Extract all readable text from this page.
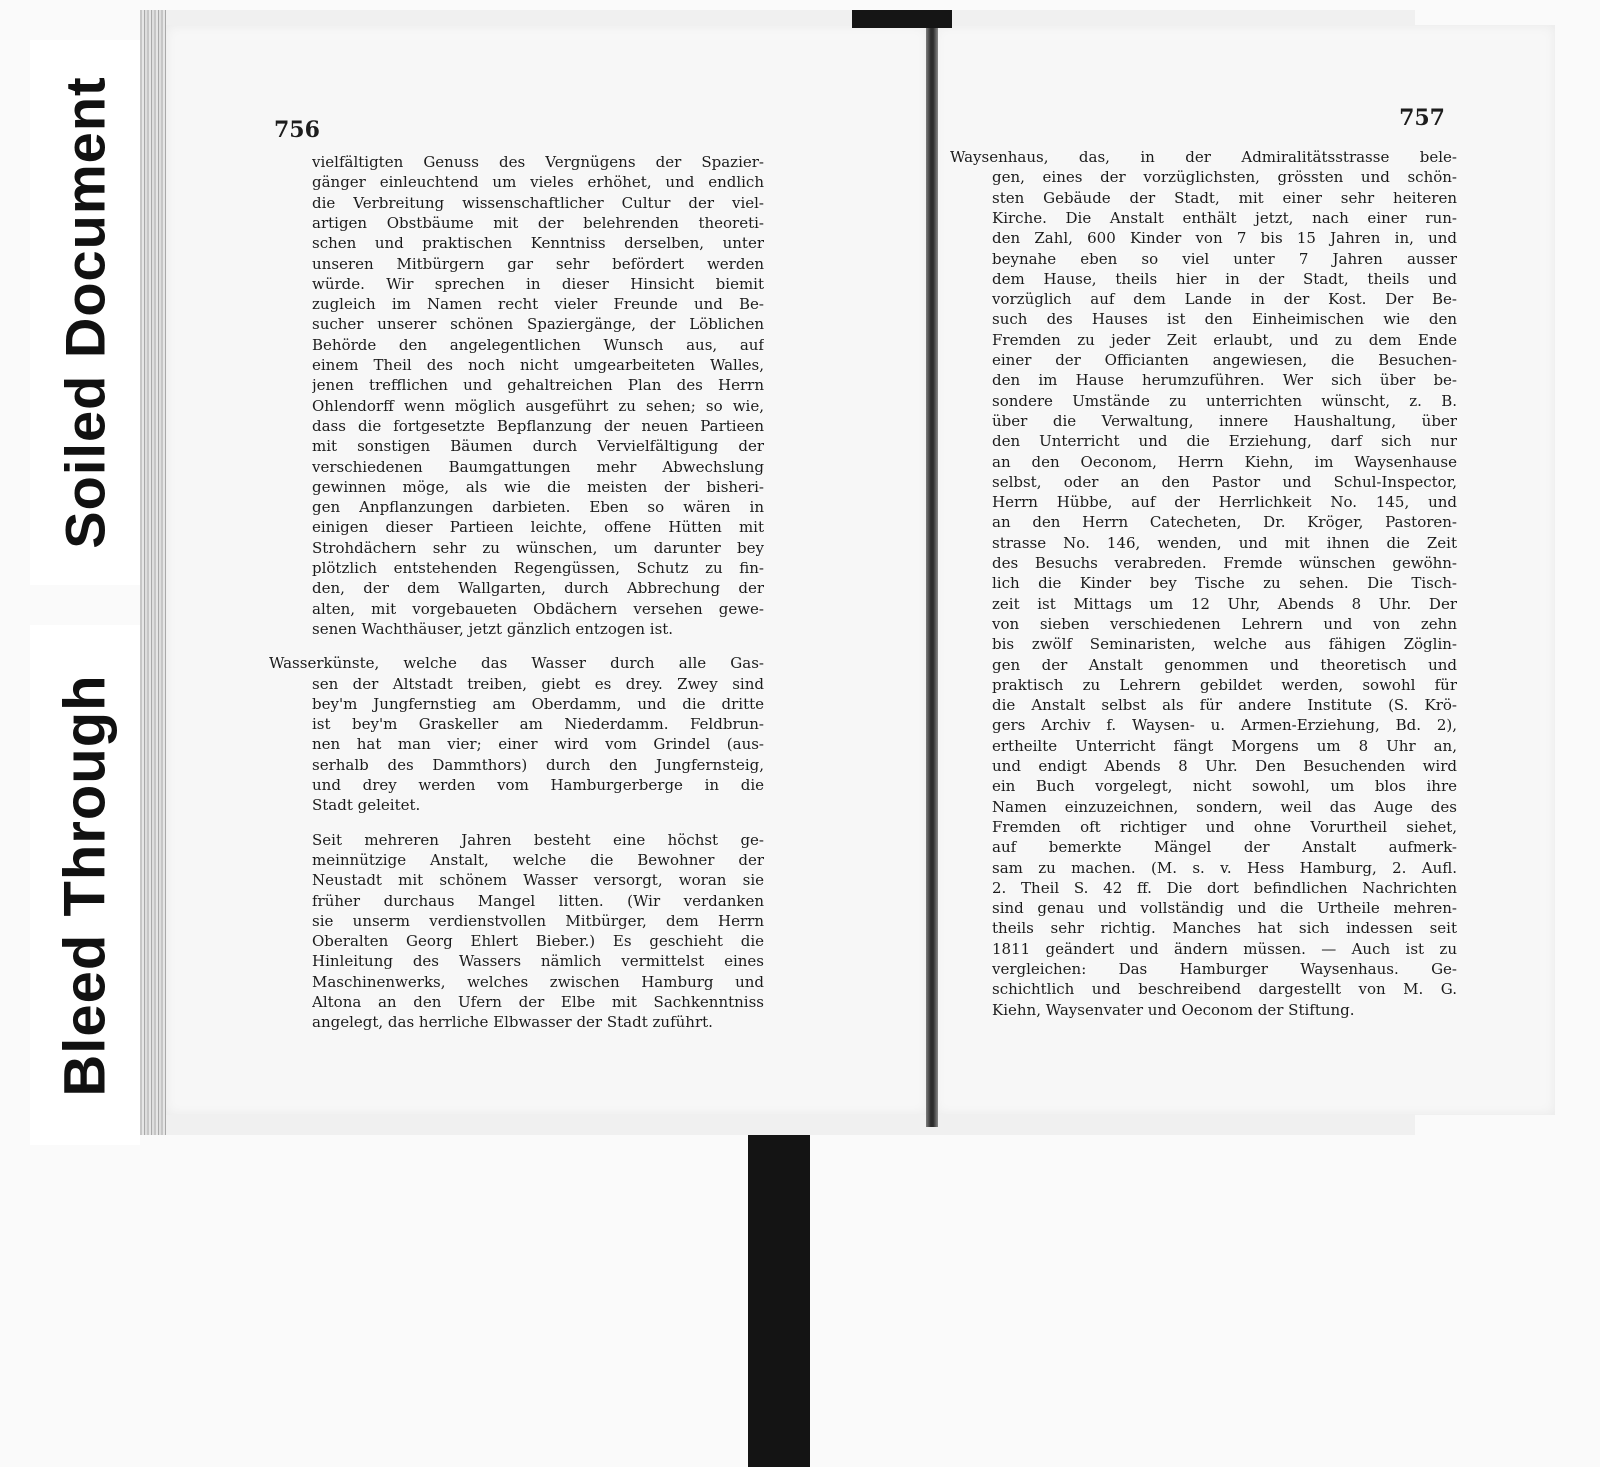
Soiled Document
Bleed Through
756
vielfältigten Genuss des Vergnügens der Spazier-
gänger einleuchtend um vieles erhöhet, und endlich
die Verbreitung wissenschaftlicher Cultur der viel-
artigen Obstbäume mit der belehrenden theoreti-
schen und praktischen Kenntniss derselben, unter
unseren Mitbürgern gar sehr befördert werden
würde. Wir sprechen in dieser Hinsicht biemit
zugleich im Namen recht vieler Freunde und Be-
sucher unserer schönen Spaziergänge, der Löblichen
Behörde den angelegentlichen Wunsch aus, auf
einem Theil des noch nicht umgearbeiteten Walles,
jenen trefflichen und gehaltreichen Plan des Herrn
Ohlendorff wenn möglich ausgeführt zu sehen; so wie,
dass die fortgesetzte Bepflanzung der neuen Partieen
mit sonstigen Bäumen durch Vervielfältigung der
verschiedenen Baumgattungen mehr Abwechslung
gewinnen möge, als wie die meisten der bisheri-
gen Anpflanzungen darbieten. Eben so wären in
einigen dieser Partieen leichte, offene Hütten mit
Strohdächern sehr zu wünschen, um darunter bey
plötzlich entstehenden Regengüssen, Schutz zu fin-
den, der dem Wallgarten, durch Abbrechung der
alten, mit vorgebaueten Obdächern versehen gewe-
senen Wachthäuser, jetzt gänzlich entzogen ist.
Wasserkünste, welche das Wasser durch alle Gas-
sen der Altstadt treiben, giebt es drey. Zwey sind
bey'm Jungfernstieg am Oberdamm, und die dritte
ist bey'm Graskeller am Niederdamm. Feldbrun-
nen hat man vier; einer wird vom Grindel (aus-
serhalb des Dammthors) durch den Jungfernsteig,
und drey werden vom Hamburgerberge in die
Stadt geleitet.
Seit mehreren Jahren besteht eine höchst ge-
meinnützige Anstalt, welche die Bewohner der
Neustadt mit schönem Wasser versorgt, woran sie
früher durchaus Mangel litten. (Wir verdanken
sie unserm verdienstvollen Mitbürger, dem Herrn
Oberalten Georg Ehlert Bieber.) Es geschieht die
Hinleitung des Wassers nämlich vermittelst eines
Maschinenwerks, welches zwischen Hamburg und
Altona an den Ufern der Elbe mit Sachkenntniss
angelegt, das herrliche Elbwasser der Stadt zuführt.
757
Waysenhaus, das, in der Admiralitätsstrasse bele-
gen, eines der vorzüglichsten, grössten und schön-
sten Gebäude der Stadt, mit einer sehr heiteren
Kirche. Die Anstalt enthält jetzt, nach einer run-
den Zahl, 600 Kinder von 7 bis 15 Jahren in, und
beynahe eben so viel unter 7 Jahren ausser
dem Hause, theils hier in der Stadt, theils und
vorzüglich auf dem Lande in der Kost. Der Be-
such des Hauses ist den Einheimischen wie den
Fremden zu jeder Zeit erlaubt, und zu dem Ende
einer der Officianten angewiesen, die Besuchen-
den im Hause herumzuführen. Wer sich über be-
sondere Umstände zu unterrichten wünscht, z. B.
über die Verwaltung, innere Haushaltung, über
den Unterricht und die Erziehung, darf sich nur
an den Oeconom, Herrn Kiehn, im Waysenhause
selbst, oder an den Pastor und Schul-Inspector,
Herrn Hübbe, auf der Herrlichkeit No. 145, und
an den Herrn Catecheten, Dr. Kröger, Pastoren-
strasse No. 146, wenden, und mit ihnen die Zeit
des Besuchs verabreden. Fremde wünschen gewöhn-
lich die Kinder bey Tische zu sehen. Die Tisch-
zeit ist Mittags um 12 Uhr, Abends 8 Uhr. Der
von sieben verschiedenen Lehrern und von zehn
bis zwölf Seminaristen, welche aus fähigen Zöglin-
gen der Anstalt genommen und theoretisch und
praktisch zu Lehrern gebildet werden, sowohl für
die Anstalt selbst als für andere Institute (S. Krö-
gers Archiv f. Waysen- u. Armen-Erziehung, Bd. 2),
ertheilte Unterricht fängt Morgens um 8 Uhr an,
und endigt Abends 8 Uhr. Den Besuchenden wird
ein Buch vorgelegt, nicht sowohl, um blos ihre
Namen einzuzeichnen, sondern, weil das Auge des
Fremden oft richtiger und ohne Vorurtheil siehet,
auf bemerkte Mängel der Anstalt aufmerk-
sam zu machen. (M. s. v. Hess Hamburg, 2. Aufl.
2. Theil S. 42 ff. Die dort befindlichen Nachrichten
sind genau und vollständig und die Urtheile mehren-
theils sehr richtig. Manches hat sich indessen seit
1811 geändert und ändern müssen. — Auch ist zu
vergleichen: Das Hamburger Waysenhaus. Ge-
schichtlich und beschreibend dargestellt von M. G.
Kiehn, Waysenvater und Oeconom der Stiftung.
